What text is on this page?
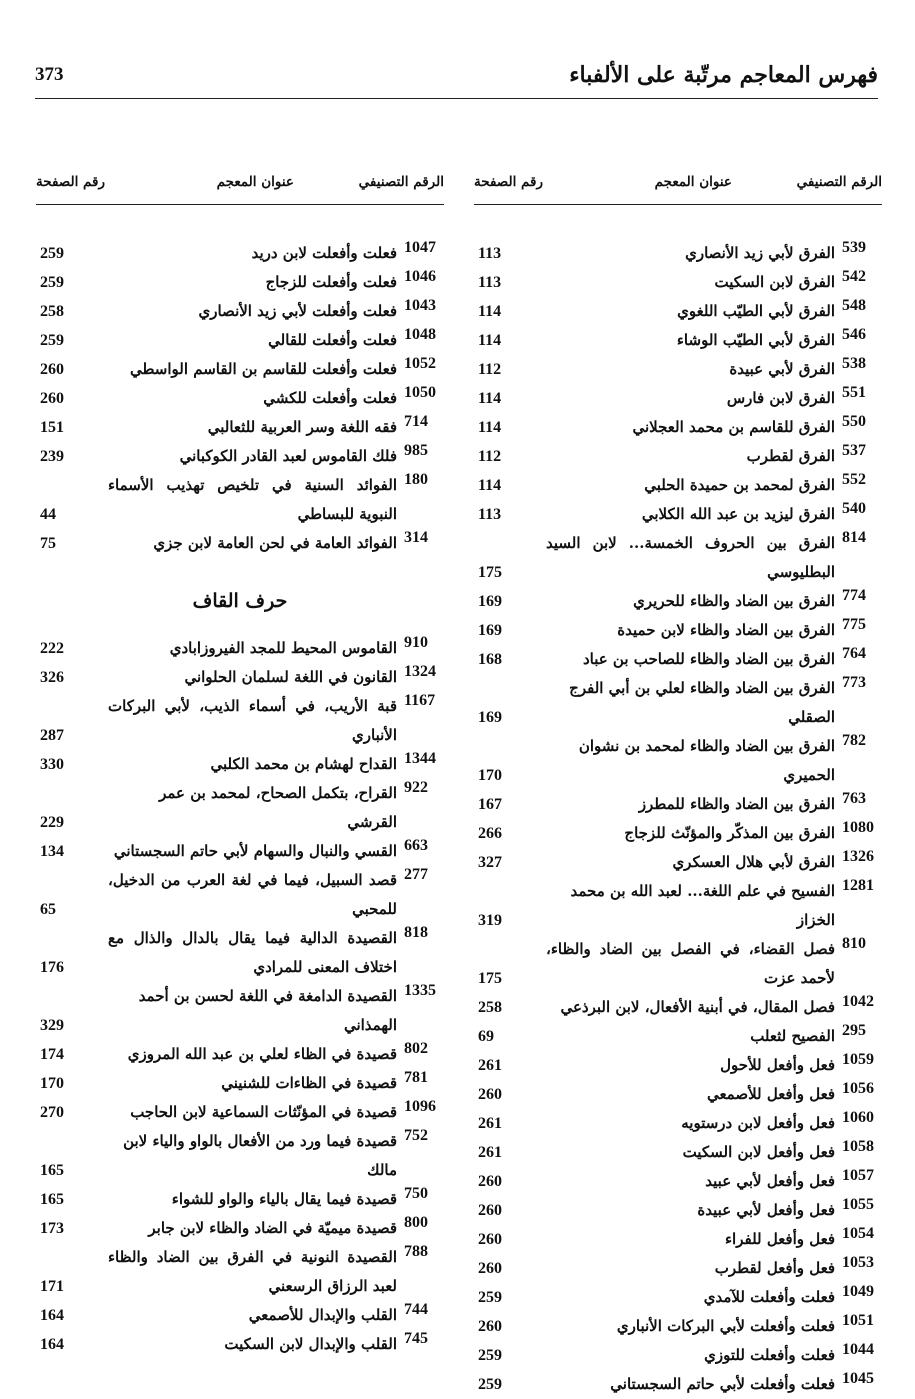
فهرس المعاجم مرتّبة على الألفباء
373
الرقم التصنيفي
عنوان المعجم
رقم الصفحة
539
الفرق لأبي زيد الأنصاري
113
542
الفرق لابن السكيت
113
548
الفرق لأبي الطيّب اللغوي
114
546
الفرق لأبي الطيّب الوشاء
114
538
الفرق لأبي عبيدة
112
551
الفرق لابن فارس
114
550
الفرق للقاسم بن محمد العجلاني
114
537
الفرق لقطرب
112
552
الفرق لمحمد بن حميدة الحلبي
114
540
الفرق ليزيد بن عبد الله الكلابي
113
814
الفرق بين الحروف الخمسة... لابن السيد البطليوسي
175
774
الفرق بين الضاد والظاء للحريري
169
775
الفرق بين الضاد والظاء لابن حميدة
169
764
الفرق بين الضاد والظاء للصاحب بن عباد
168
773
الفرق بين الضاد والظاء لعلي بن أبي الفرج الصقلي
169
782
الفرق بين الضاد والظاء لمحمد بن نشوان الحميري
170
763
الفرق بين الضاد والظاء للمطرز
167
1080
الفرق بين المذكّر والمؤنّث للزجاج
266
1326
الفرق لأبي هلال العسكري
327
1281
الفسيح في علم اللغة... لعبد الله بن محمد الخزاز
319
810
فصل القضاء، في الفصل بين الضاد والظاء، لأحمد عزت
175
1042
فصل المقال، في أبنية الأفعال، لابن البرذعي
258
295
الفصيح لثعلب
69
1059
فعل وأفعل للأحول
261
1056
فعل وأفعل للأصمعي
260
1060
فعل وأفعل لابن درستويه
261
1058
فعل وأفعل لابن السكيت
261
1057
فعل وأفعل لأبي عبيد
260
1055
فعل وأفعل لأبي عبيدة
260
1054
فعل وأفعل للفراء
260
1053
فعل وأفعل لقطرب
260
1049
فعلت وأفعلت للآمدي
259
1051
فعلت وأفعلت لأبي البركات الأنباري
260
1044
فعلت وأفعلت للتوزي
259
1045
فعلت وأفعلت لأبي حاتم السجستاني
259
الرقم التصنيفي
عنوان المعجم
رقم الصفحة
1047
فعلت وأفعلت لابن دريد
259
1046
فعلت وأفعلت للزجاج
259
1043
فعلت وأفعلت لأبي زيد الأنصاري
258
1048
فعلت وأفعلت للقالي
259
1052
فعلت وأفعلت للقاسم بن القاسم الواسطي
260
1050
فعلت وأفعلت للكشي
260
714
فقه اللغة وسر العربية للثعالبي
151
985
فلك القاموس لعبد القادر الكوكباني
239
180
الفوائد السنية في تلخيص تهذيب الأسماء النبوية للبساطي
44
314
الفوائد العامة في لحن العامة لابن جزي
75
حرف القاف
910
القاموس المحيط للمجد الفيروزابادي
222
1324
القانون في اللغة لسلمان الحلواني
326
1167
قبة الأريب، في أسماء الذيب، لأبي البركات الأنباري
287
1344
القداح لهشام بن محمد الكلبي
330
922
القراح، بتكمل الصحاح، لمحمد بن عمر القرشي
229
663
القسي والنبال والسهام لأبي حاتم السجستاني
134
277
قصد السبيل، فيما في لغة العرب من الدخيل، للمحبي
65
818
القصيدة الدالية فيما يقال بالدال والذال مع اختلاف المعنى للمرادي
176
1335
القصيدة الدامغة في اللغة لحسن بن أحمد الهمذاني
329
802
قصيدة في الظاء لعلي بن عبد الله المروزي
174
781
قصيدة في الظاءات للشنيني
170
1096
قصيدة في المؤنّثات السماعية لابن الحاجب
270
752
قصيدة فيما ورد من الأفعال بالواو والياء لابن مالك
165
750
قصيدة فيما يقال بالياء والواو للشواء
165
800
قصيدة ميميّة في الضاد والظاء لابن جابر
173
788
القصيدة النونية في الفرق بين الضاد والظاء لعبد الرزاق الرسعني
171
744
القلب والإبدال للأصمعي
164
745
القلب والإبدال لابن السكيت
164
